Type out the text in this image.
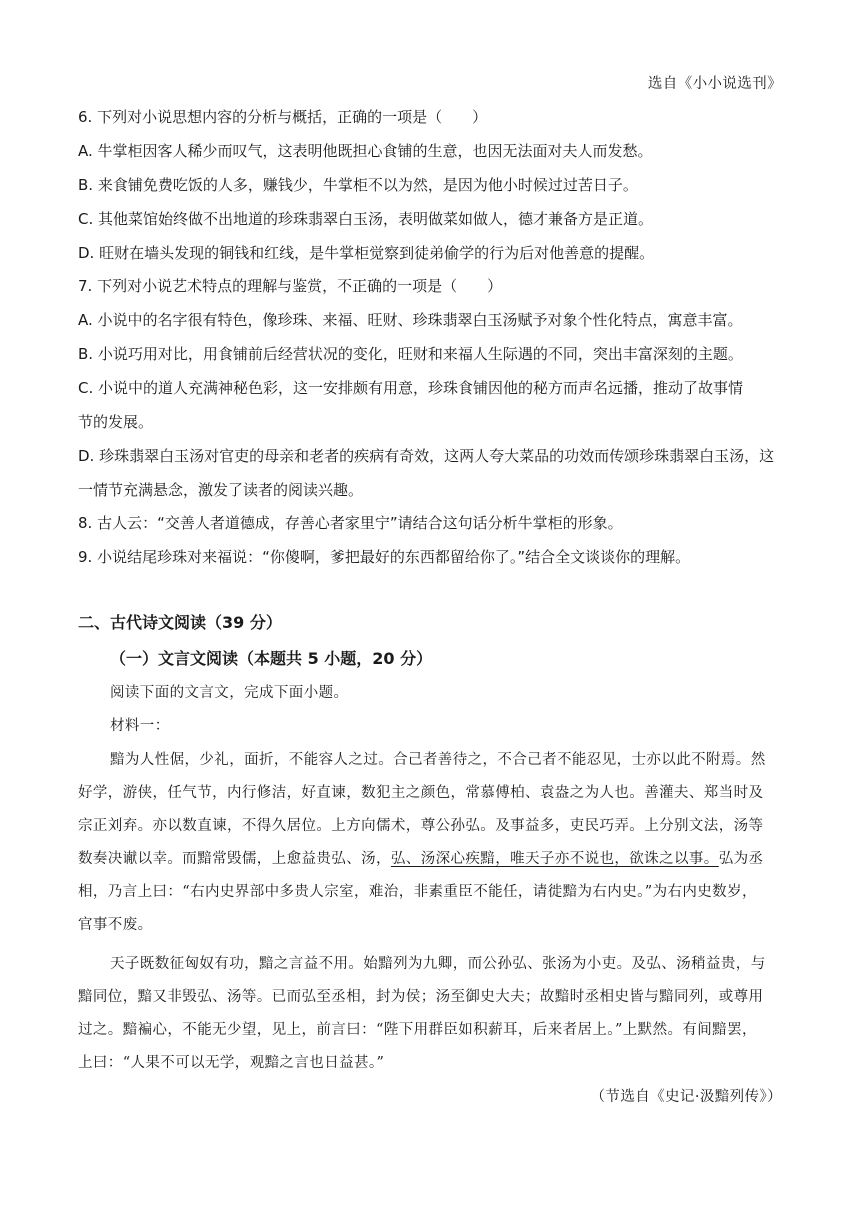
选自《小小说选刊》
6. 下列对小说思想内容的分析与概括，正确的一项是（　　）
A. 牛掌柜因客人稀少而叹气，这表明他既担心食铺的生意，也因无法面对夫人而发愁。
B. 来食铺免费吃饭的人多，赚钱少，牛掌柜不以为然，是因为他小时候过过苦日子。
C. 其他菜馆始终做不出地道的珍珠翡翠白玉汤，表明做菜如做人，德才兼备方是正道。
D. 旺财在墙头发现的铜钱和红线，是牛掌柜觉察到徒弟偷学的行为后对他善意的提醒。
7. 下列对小说艺术特点的理解与鉴赏，不正确的一项是（　　）
A. 小说中的名字很有特色，像珍珠、来福、旺财、珍珠翡翠白玉汤赋予对象个性化特点，寓意丰富。
B. 小说巧用对比，用食铺前后经营状况的变化，旺财和来福人生际遇的不同，突出丰富深刻的主题。
C. 小说中的道人充满神秘色彩，这一安排颇有用意，珍珠食铺因他的秘方而声名远播，推动了故事情
节的发展。
D. 珍珠翡翠白玉汤对官吏的母亲和老者的疾病有奇效，这两人夸大菜品的功效而传颂珍珠翡翠白玉汤，这
一情节充满悬念，激发了读者的阅读兴趣。
8. 古人云：“交善人者道德成，存善心者家里宁”请结合这句话分析牛掌柜的形象。
9. 小说结尾珍珠对来福说：“你傻啊，爹把最好的东西都留给你了。”结合全文谈谈你的理解。
二、古代诗文阅读（39 分）
（一）文言文阅读（本题共 5 小题，20 分）
阅读下面的文言文，完成下面小题。
材料一：
黯为人性倨，少礼，面折，不能容人之过。合己者善待之，不合己者不能忍见，士亦以此不附焉。然
好学，游侠，任气节，内行修洁，好直谏，数犯主之颜色，常慕傅柏、袁盎之为人也。善灌夫、郑当时及
宗正刘弃。亦以数直谏，不得久居位。上方向儒术，尊公孙弘。及事益多，吏民巧弄。上分别文法，汤等
数奏决谳以幸。而黯常毁儒，上愈益贵弘、汤，弘、汤深心疾黯，唯天子亦不说也，欲诛之以事。弘为丞
相，乃言上曰：“右内史界部中多贵人宗室，难治，非素重臣不能任，请徙黯为右内史。”为右内史数岁，
官事不废。
天子既数征匈奴有功，黯之言益不用。始黯列为九卿，而公孙弘、张汤为小吏。及弘、汤稍益贵，与
黯同位，黯又非毁弘、汤等。已而弘至丞相，封为侯；汤至御史大夫；故黯时丞相史皆与黯同列，或尊用
过之。黯褊心，不能无少望，见上，前言曰：“陛下用群臣如积薪耳，后来者居上。”上默然。有间黯罢，
上曰：“人果不可以无学，观黯之言也日益甚。”
（节选自《史记·汲黯列传》）
